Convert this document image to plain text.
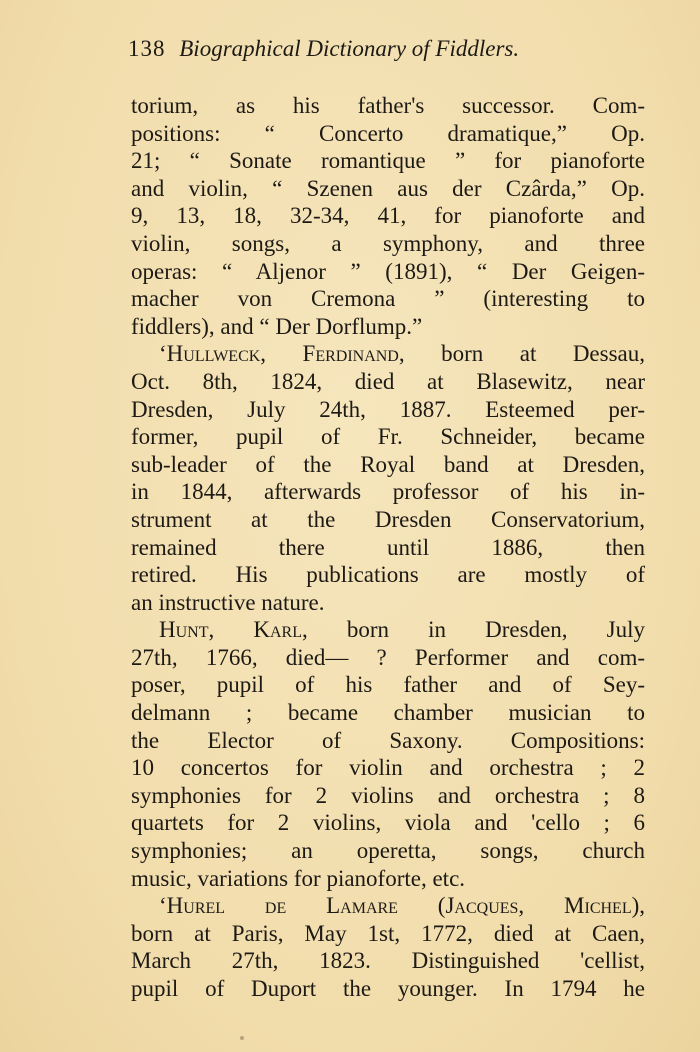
138 Biographical Dictionary of Fiddlers.
torium, as his father's successor. Com-
positions: “ Concerto dramatique,” Op.
21; “ Sonate romantique ” for pianoforte
and violin, “ Szenen aus der Czârda,” Op.
9, 13, 18, 32-34, 41, for pianoforte and
violin, songs, a symphony, and three
operas: “ Aljenor ” (1891), “ Der Geigen-
macher von Cremona ” (interesting to
fiddlers), and “ Der Dorflump.”
ʻHullweck, Ferdinand, born at Dessau,
Oct. 8th, 1824, died at Blasewitz, near
Dresden, July 24th, 1887. Esteemed per-
former, pupil of Fr. Schneider, became
sub-leader of the Royal band at Dresden,
in 1844, afterwards professor of his in-
strument at the Dresden Conservatorium,
remained there until 1886, then
retired. His publications are mostly of
an instructive nature.
Hunt, Karl, born in Dresden, July
27th, 1766, died— ? Performer and com-
poser, pupil of his father and of Sey-
delmann ; became chamber musician to
the Elector of Saxony. Compositions:
10 concertos for violin and orchestra ; 2
symphonies for 2 violins and orchestra ; 8
quartets for 2 violins, viola and 'cello ; 6
symphonies; an operetta, songs, church
music, variations for pianoforte, etc.
ʻHurel de Lamare (Jacques, Michel),
born at Paris, May 1st, 1772, died at Caen,
March 27th, 1823. Distinguished 'cellist,
pupil of Duport the younger. In 1794 he
